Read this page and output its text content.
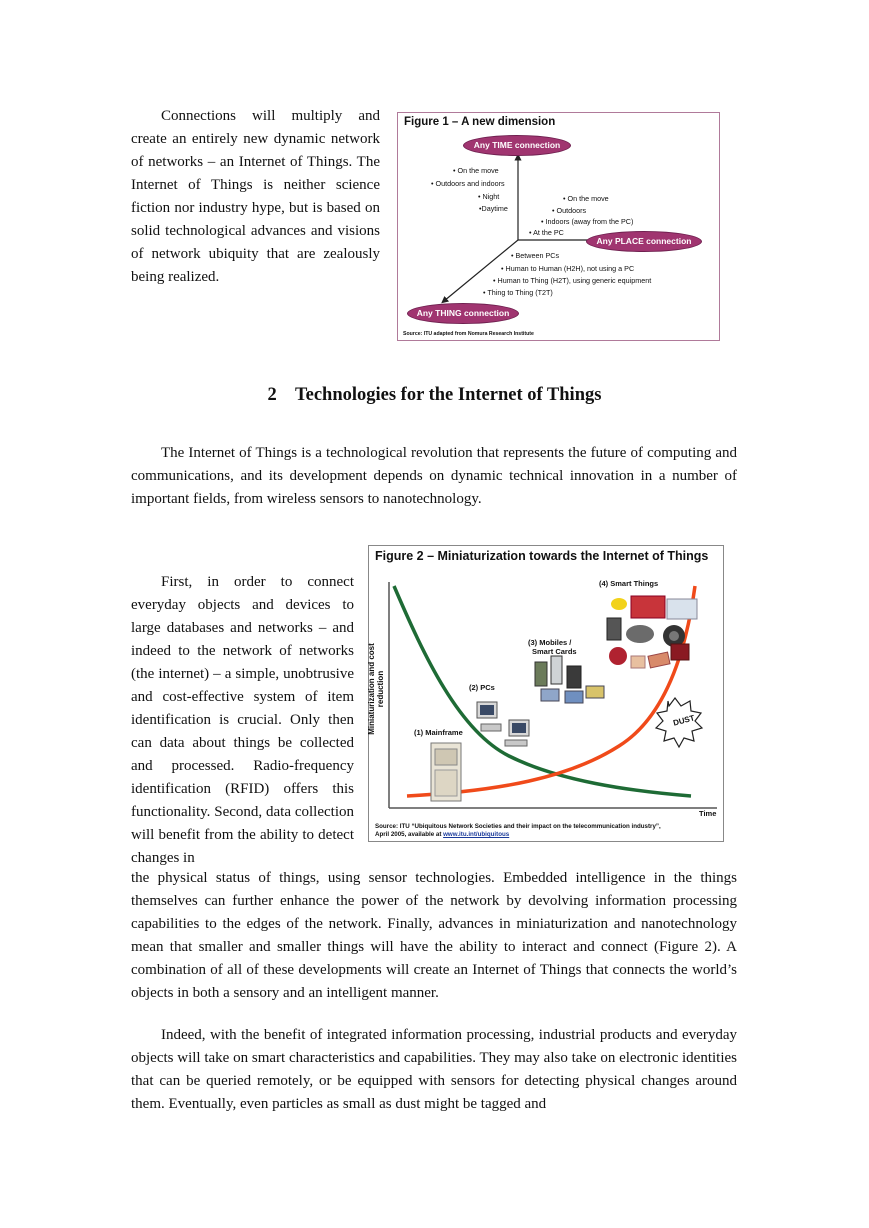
Connections will multiply and create an entirely new dynamic network of networks – an Internet of Things. The Internet of Things is neither science fiction nor industry hype, but is based on solid technological advances and visions of network ubiquity that are zealously being realized.
Figure 1 – A new dimension
Any TIME connection
Any PLACE connection
Any THING connection
• On the move
• Outdoors and indoors
• Night
•Daytime
• On the move
• Outdoors
• Indoors (away from the PC)
• At the PC
• Between PCs
• Human to Human (H2H), not using a PC
• Human to Thing (H2T), using generic equipment
• Thing to Thing (T2T)
Source: ITU adapted from Nomura Research Institute
2 Technologies for the Internet of Things
The Internet of Things is a technological revolution that represents the future of computing and communications, and its development depends on dynamic technical innovation in a number of important fields, from wireless sensors to nanotechnology.
First, in order to connect everyday objects and devices to large databases and networks – and indeed to the network of networks (the internet) – a simple, unobtrusive and cost-effective system of item identification is crucial. Only then can data about things be collected and processed. Radio-frequency identification (RFID) offers this functionality. Second, data collection will benefit from the ability to detect changes in
Figure 2 – Miniaturization towards the Internet of Things
Miniaturization and cost reduction
Time
(1) Mainframe
(2) PCs
(3) Mobiles /
Smart Cards
(4) Smart Things
DUST
Source: ITU “Ubiquitous Network Societies and their impact on the telecommunication industry”,
April 2005, available at www.itu.int/ubiquitous
the physical status of things, using sensor technologies. Embedded intelligence in the things themselves can further enhance the power of the network by devolving information processing capabilities to the edges of the network. Finally, advances in miniaturization and nanotechnology mean that smaller and smaller things will have the ability to interact and connect (Figure 2). A combination of all of these developments will create an Internet of Things that connects the world’s objects in both a sensory and an intelligent manner.
Indeed, with the benefit of integrated information processing, industrial products and everyday objects will take on smart characteristics and capabilities. They may also take on electronic identities that can be queried remotely, or be equipped with sensors for detecting physical changes around them. Eventually, even particles as small as dust might be tagged and
